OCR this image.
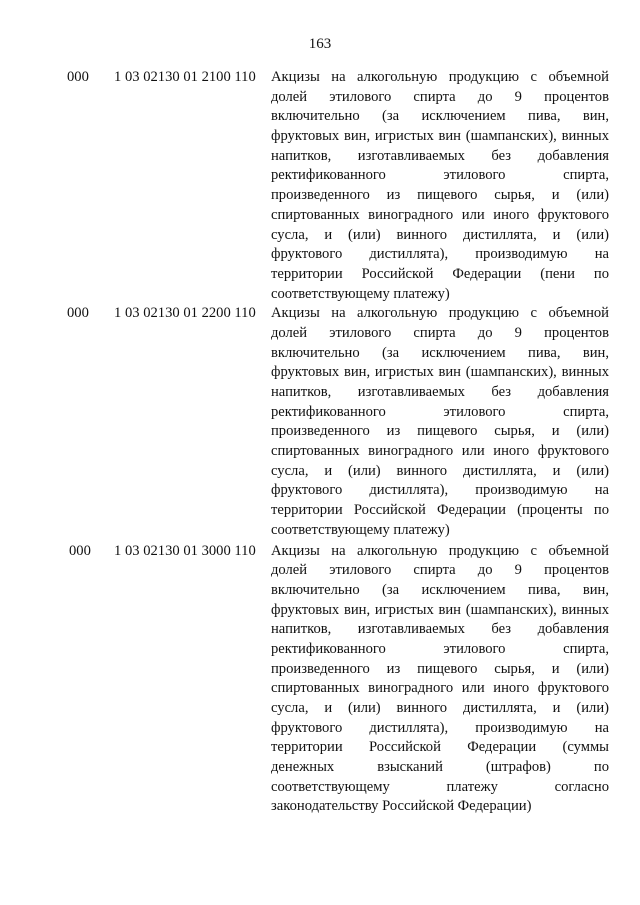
163
000	1 03 02130 01 2100 110	Акцизы на алкогольную продукцию с объемной
долей этилового спирта до 9 процентов
включительно (за исключением пива, вин,
фруктовых вин, игристых вин (шампанских), винных
напитков, изготавливаемых без добавления
ректификованного этилового спирта,
произведенного из пищевого сырья, и (или)
спиртованных виноградного или иного фруктового
сусла, и (или) винного дистиллята, и (или)
фруктового дистиллята), производимую на
территории Российской Федерации (пени по
соответствующему платежу)
000	1 03 02130 01 2200 110	Акцизы на алкогольную продукцию с объемной
долей этилового спирта до 9 процентов
включительно (за исключением пива, вин,
фруктовых вин, игристых вин (шампанских), винных
напитков, изготавливаемых без добавления
ректификованного этилового спирта,
произведенного из пищевого сырья, и (или)
спиртованных виноградного или иного фруктового
сусла, и (или) винного дистиллята, и (или)
фруктового дистиллята), производимую на
территории Российской Федерации (проценты по
соответствующему платежу)
000	1 03 02130 01 3000 110	Акцизы на алкогольную продукцию с объемной
долей этилового спирта до 9 процентов
включительно (за исключением пива, вин,
фруктовых вин, игристых вин (шампанских), винных
напитков, изготавливаемых без добавления
ректификованного этилового спирта,
произведенного из пищевого сырья, и (или)
спиртованных виноградного или иного фруктового
сусла, и (или) винного дистиллята, и (или)
фруктового дистиллята), производимую на
территории Российской Федерации (суммы
денежных взысканий (штрафов) по
соответствующему платежу согласно
законодательству Российской Федерации)
